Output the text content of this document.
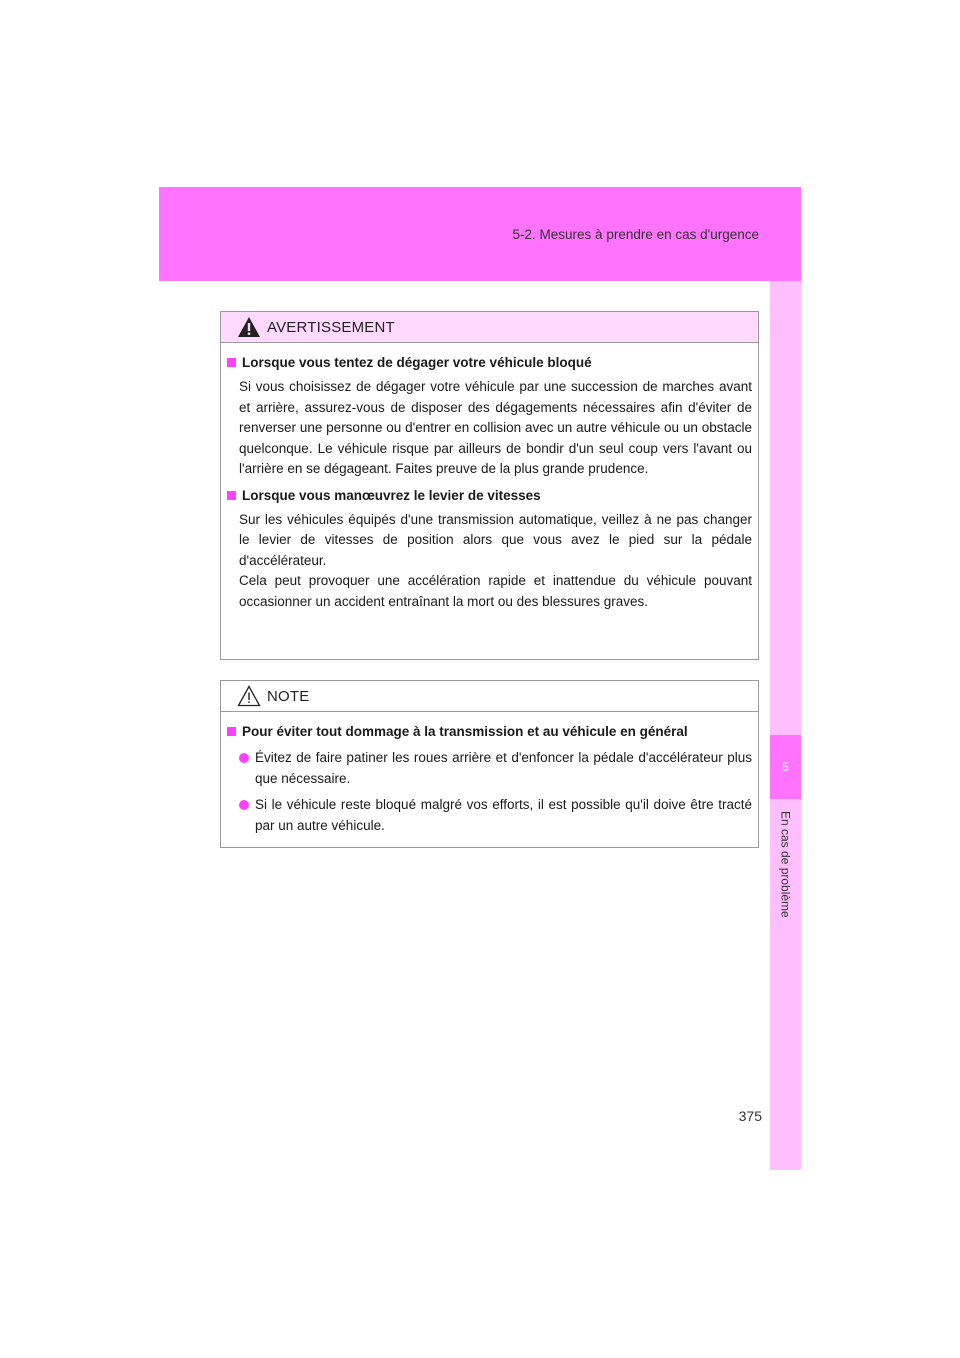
5-2. Mesures à prendre en cas d'urgence
5
En cas de problème
AVERTISSEMENT
Lorsque vous tentez de dégager votre véhicule bloqué
Si vous choisissez de dégager votre véhicule par une succession de marches avant et arrière, assurez-vous de disposer des dégagements nécessaires afin d'éviter de renverser une personne ou d'entrer en collision avec un autre véhicule ou un obstacle quelconque. Le véhicule risque par ailleurs de bondir d'un seul coup vers l'avant ou l'arrière en se dégageant. Faites preuve de la plus grande prudence.
Lorsque vous manœuvrez le levier de vitesses
Sur les véhicules équipés d'une transmission automatique, veillez à ne pas changer le levier de vitesses de position alors que vous avez le pied sur la pédale d'accélérateur.
Cela peut provoquer une accélération rapide et inattendue du véhicule pouvant occasionner un accident entraînant la mort ou des blessures graves.
NOTE
Pour éviter tout dommage à la transmission et au véhicule en général
Évitez de faire patiner les roues arrière et d'enfoncer la pédale d'accélérateur plus que nécessaire.
Si le véhicule reste bloqué malgré vos efforts, il est possible qu'il doive être tracté par un autre véhicule.
375
